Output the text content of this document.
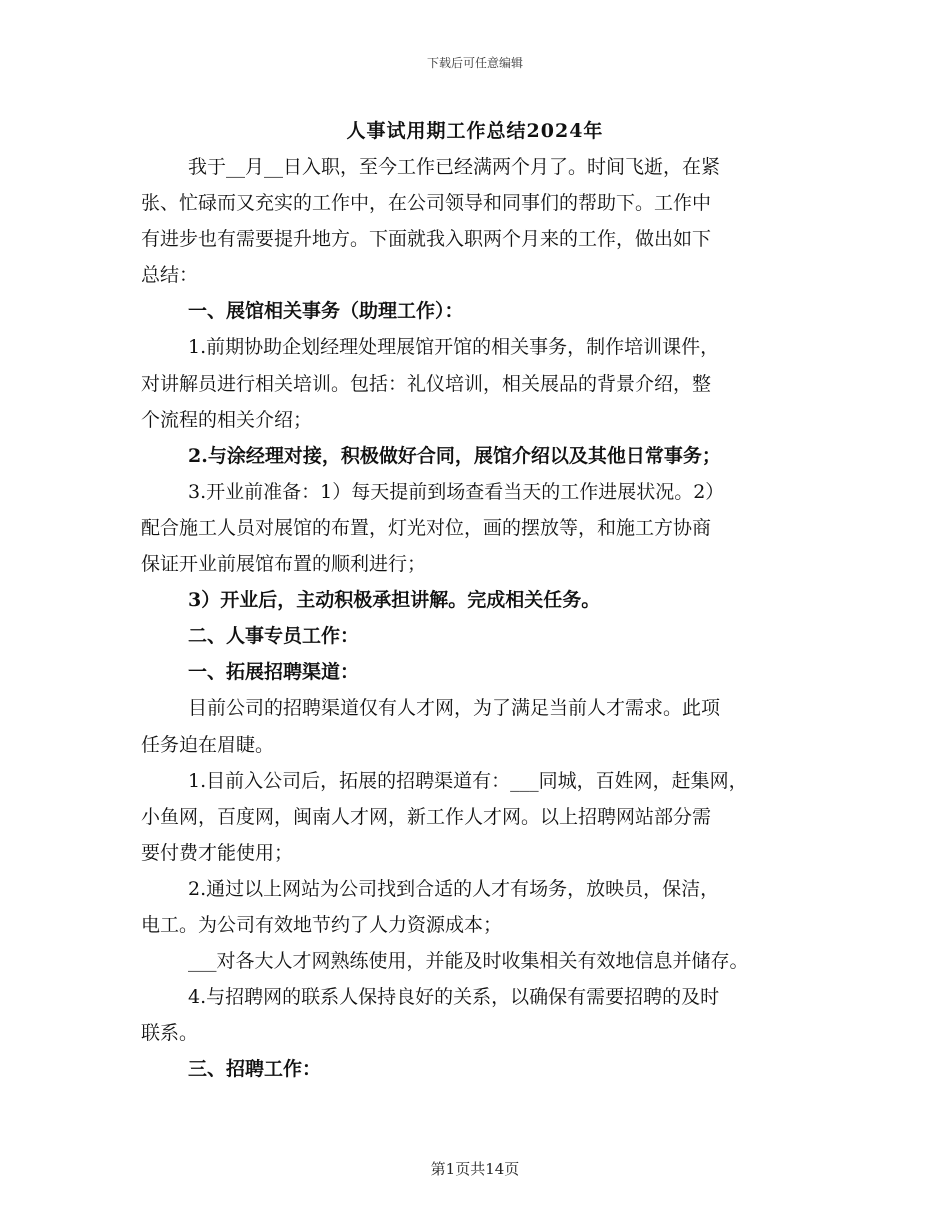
下载后可任意编辑
人事试用期工作总结2024年
我于__月__日入职，至今工作已经满两个月了。时间飞逝，在紧
张、忙碌而又充实的工作中，在公司领导和同事们的帮助下。工作中
有进步也有需要提升地方。下面就我入职两个月来的工作，做出如下
总结：
一、展馆相关事务（助理工作）：
1.前期协助企划经理处理展馆开馆的相关事务，制作培训课件，
对讲解员进行相关培训。包括：礼仪培训，相关展品的背景介绍，整
个流程的相关介绍；
2.与涂经理对接，积极做好合同，展馆介绍以及其他日常事务；
3.开业前准备：1）每天提前到场查看当天的工作进展状况。2）
配合施工人员对展馆的布置，灯光对位，画的摆放等，和施工方协商
保证开业前展馆布置的顺利进行；
3）开业后，主动积极承担讲解。完成相关任务。
二、人事专员工作：
一、拓展招聘渠道：
目前公司的招聘渠道仅有人才网，为了满足当前人才需求。此项
任务迫在眉睫。
1.目前入公司后，拓展的招聘渠道有：___同城，百姓网，赶集网，
小鱼网，百度网，闽南人才网，新工作人才网。以上招聘网站部分需
要付费才能使用；
2.通过以上网站为公司找到合适的人才有场务，放映员，保洁，
电工。为公司有效地节约了人力资源成本；
___对各大人才网熟练使用，并能及时收集相关有效地信息并储存。
4.与招聘网的联系人保持良好的关系，以确保有需要招聘的及时
联系。
三、招聘工作：
第1页共14页
